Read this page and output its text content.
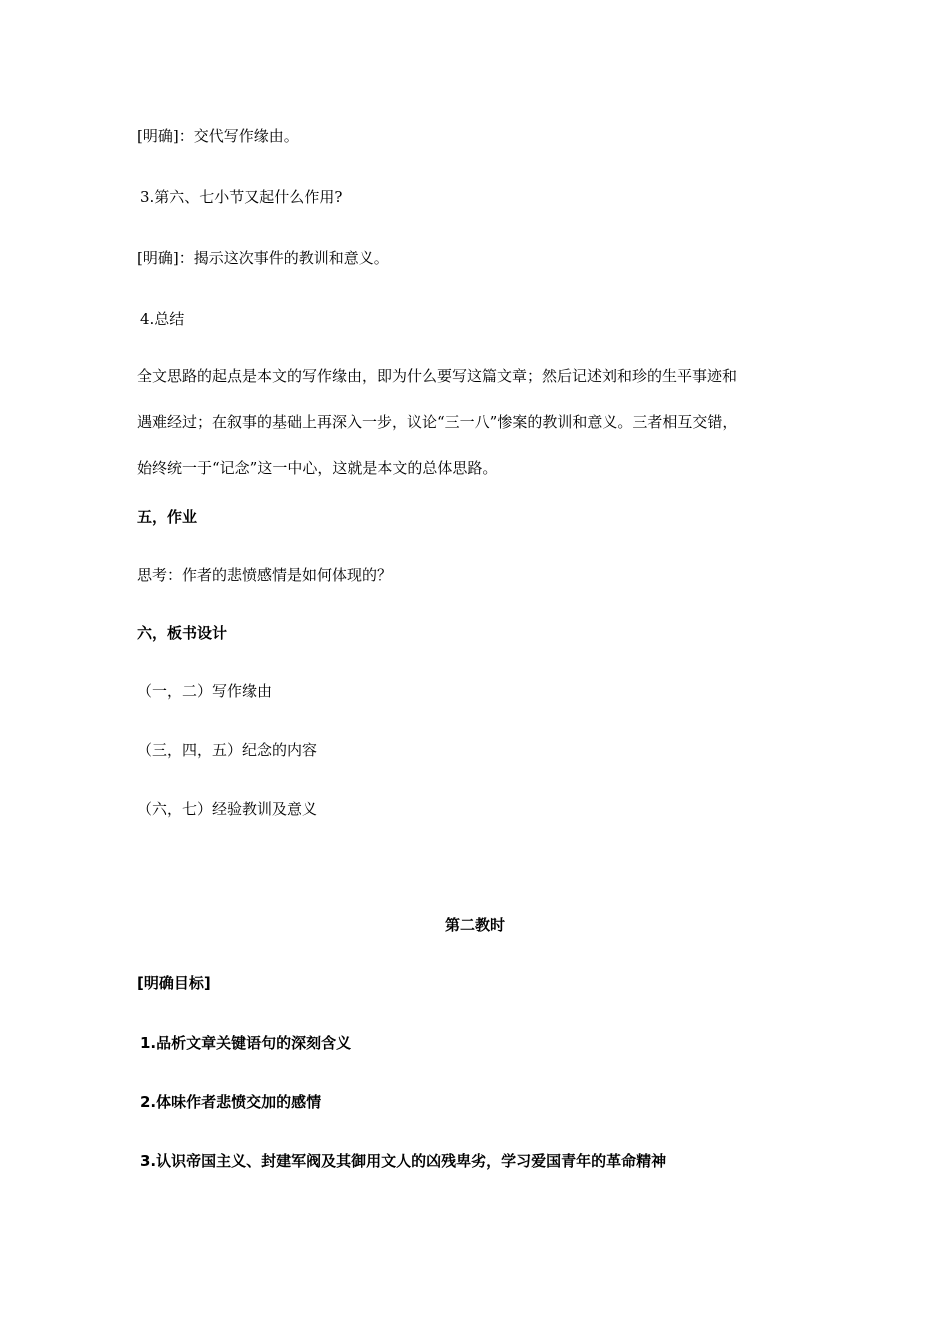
[明确]：交代写作缘由。

3.第六、七小节又起什么作用?

[明确]：揭示这次事件的教训和意义。

4.总结

全文思路的起点是本文的写作缘由，即为什么要写这篇文章；然后记述刘和珍的生平事迹和
遇难经过；在叙事的基础上再深入一步，议论“三一八”惨案的教训和意义。三者相互交错，
始终统一于“记念”这一中心，这就是本文的总体思路。

五，作业

思考：作者的悲愤感情是如何体现的？

六，板书设计

（一，二）写作缘由

（三，四，五）纪念的内容

（六，七）经验教训及意义

第二教时

[明确目标]

1.品析文章关键语句的深刻含义

2.体味作者悲愤交加的感情

3.认识帝国主义、封建军阀及其御用文人的凶残卑劣，学习爱国青年的革命精神
